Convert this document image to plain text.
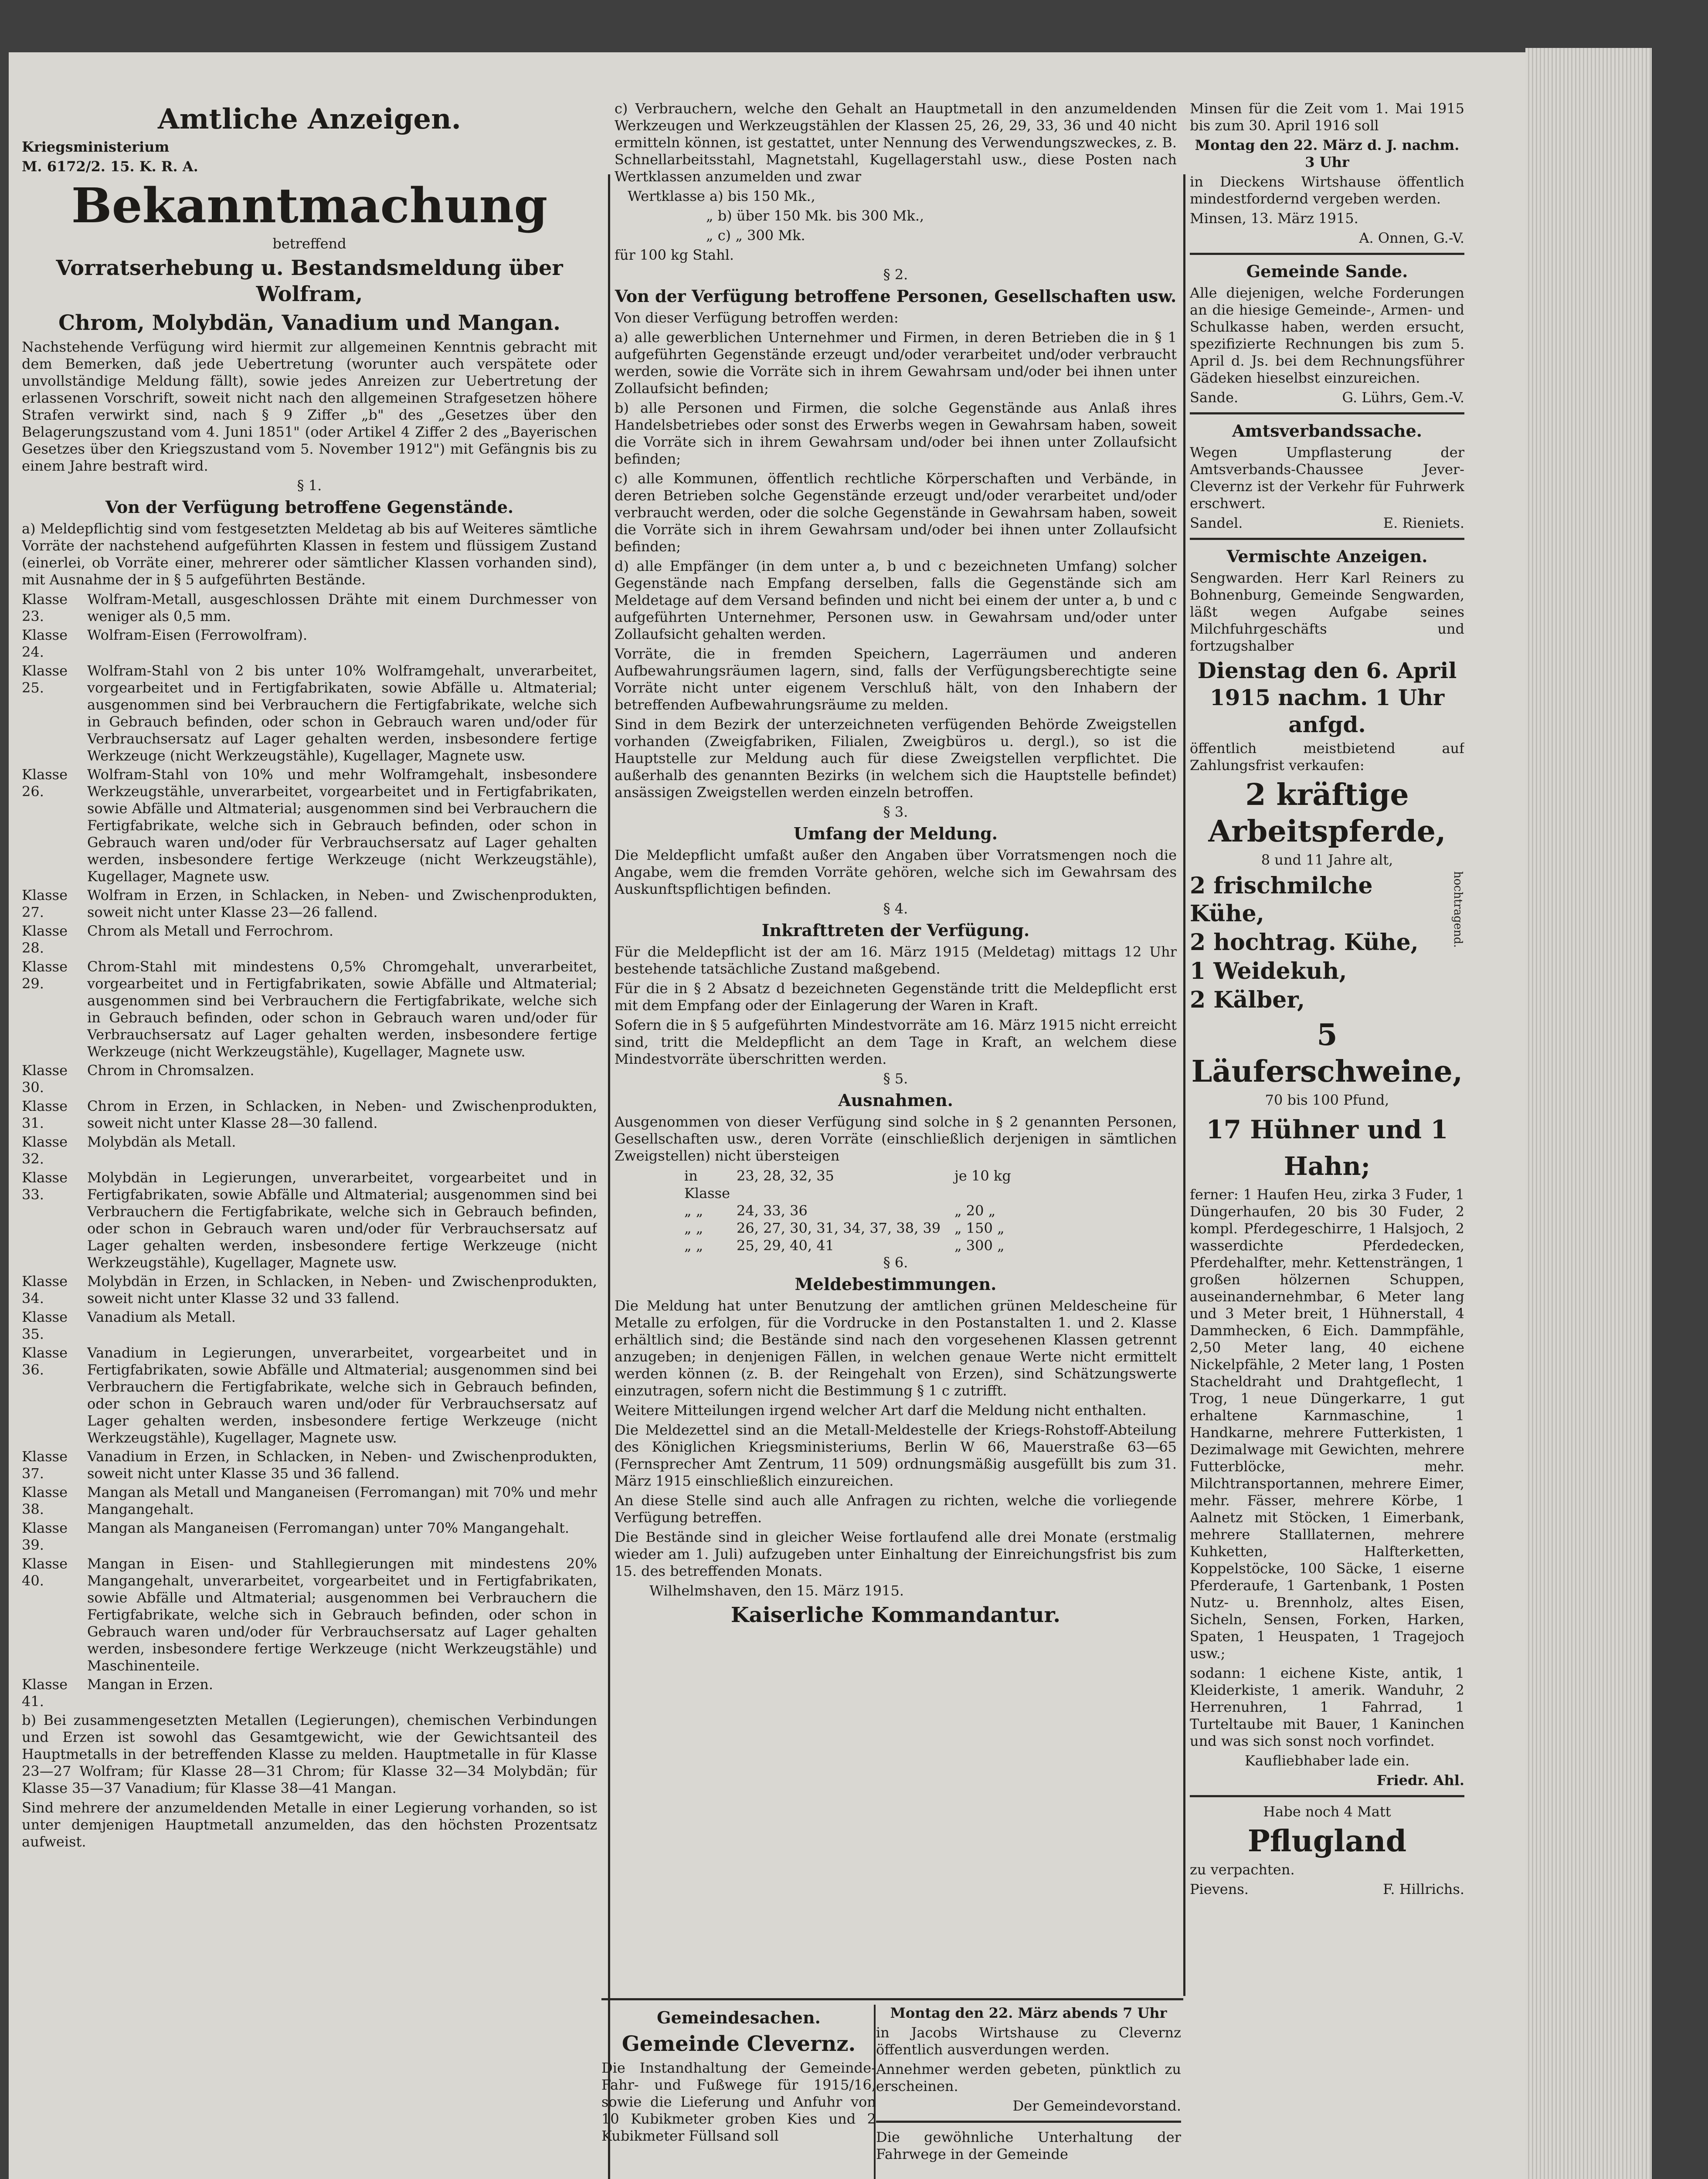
Amtliche Anzeigen.

Kriegsministerium

M. 6172/2. 15. K. R. A.

Bekanntmachung

betreffend

Vorratserhebung u. Bestandsmeldung über Wolfram,
Chrom, Molybdän, Vanadium und Mangan.

Nachstehende Verfügung wird hiermit zur allgemeinen Kenntnis gebracht mit dem Bemerken, daß jede Uebertretung (worunter auch verspätete oder unvollständige Meldung fällt), sowie jedes Anreizen zur Uebertretung der erlassenen Vorschrift, soweit nicht nach den allgemeinen Strafgesetzen höhere Strafen verwirkt sind, nach § 9 Ziffer „b" des „Gesetzes über den Belagerungszustand vom 4. Juni 1851" (oder Artikel 4 Ziffer 2 des „Bayerischen Gesetzes über den Kriegszustand vom 5. November 1912") mit Gefängnis bis zu einem Jahre bestraft wird.

§ 1.

Von der Verfügung betroffene Gegenstände.

a) Meldepflichtig sind vom festgesetzten Meldetag ab bis auf Weiteres sämtliche Vorräte der nachstehend aufgeführten Klassen in festem und flüssigem Zustand (einerlei, ob Vorräte einer, mehrerer oder sämtlicher Klassen vorhanden sind), mit Ausnahme der in § 5 aufgeführten Bestände.

Klasse 23.
Wolfram-Metall, ausgeschlossen Drähte mit einem Durchmesser von weniger als 0,5 mm.
Klasse 24.
Wolfram-Eisen (Ferrowolfram).
Klasse 25.
Wolfram-Stahl von 2 bis unter 10% Wolframgehalt, unverarbeitet, vorgearbeitet und in Fertigfabrikaten, sowie Abfälle u. Altmaterial; ausgenommen sind bei Verbrauchern die Fertigfabrikate, welche sich in Gebrauch befinden, oder schon in Gebrauch waren und/oder für Verbrauchsersatz auf Lager gehalten werden, insbesondere fertige Werkzeuge (nicht Werkzeugstähle), Kugellager, Magnete usw.
Klasse 26.
Wolfram-Stahl von 10% und mehr Wolframgehalt, insbesondere Werkzeugstähle, unverarbeitet, vorgearbeitet und in Fertigfabrikaten, sowie Abfälle und Altmaterial; ausgenommen sind bei Verbrauchern die Fertigfabrikate, welche sich in Gebrauch befinden, oder schon in Gebrauch waren und/oder für Verbrauchsersatz auf Lager gehalten werden, insbesondere fertige Werkzeuge (nicht Werkzeugstähle), Kugellager, Magnete usw.
Klasse 27.
Wolfram in Erzen, in Schlacken, in Neben- und Zwischenprodukten, soweit nicht unter Klasse 23—26 fallend.
Klasse 28.
Chrom als Metall und Ferrochrom.
Klasse 29.
Chrom-Stahl mit mindestens 0,5% Chromgehalt, unverarbeitet, vorgearbeitet und in Fertigfabrikaten, sowie Abfälle und Altmaterial; ausgenommen sind bei Verbrauchern die Fertigfabrikate, welche sich in Gebrauch befinden, oder schon in Gebrauch waren und/oder für Verbrauchsersatz auf Lager gehalten werden, insbesondere fertige Werkzeuge (nicht Werkzeugstähle), Kugellager, Magnete usw.
Klasse 30.
Chrom in Chromsalzen.
Klasse 31.
Chrom in Erzen, in Schlacken, in Neben- und Zwischenprodukten, soweit nicht unter Klasse 28—30 fallend.
Klasse 32.
Molybdän als Metall.
Klasse 33.
Molybdän in Legierungen, unverarbeitet, vorgearbeitet und in Fertigfabrikaten, sowie Abfälle und Altmaterial; ausgenommen sind bei Verbrauchern die Fertigfabrikate, welche sich in Gebrauch befinden, oder schon in Gebrauch waren und/oder für Verbrauchsersatz auf Lager gehalten werden, insbesondere fertige Werkzeuge (nicht Werkzeugstähle), Kugellager, Magnete usw.
Klasse 34.
Molybdän in Erzen, in Schlacken, in Neben- und Zwischenprodukten, soweit nicht unter Klasse 32 und 33 fallend.
Klasse 35.
Vanadium als Metall.
Klasse 36.
Vanadium in Legierungen, unverarbeitet, vorgearbeitet und in Fertigfabrikaten, sowie Abfälle und Altmaterial; ausgenommen sind bei Verbrauchern die Fertigfabrikate, welche sich in Gebrauch befinden, oder schon in Gebrauch waren und/oder für Verbrauchsersatz auf Lager gehalten werden, insbesondere fertige Werkzeuge (nicht Werkzeugstähle), Kugellager, Magnete usw.
Klasse 37.
Vanadium in Erzen, in Schlacken, in Neben- und Zwischenprodukten, soweit nicht unter Klasse 35 und 36 fallend.
Klasse 38.
Mangan als Metall und Manganeisen (Ferromangan) mit 70% und mehr Mangangehalt.
Klasse 39.
Mangan als Manganeisen (Ferromangan) unter 70% Mangangehalt.
Klasse 40.
Mangan in Eisen- und Stahllegierungen mit mindestens 20% Mangangehalt, unverarbeitet, vorgearbeitet und in Fertigfabrikaten, sowie Abfälle und Altmaterial; ausgenommen bei Verbrauchern die Fertigfabrikate, welche sich in Gebrauch befinden, oder schon in Gebrauch waren und/oder für Verbrauchsersatz auf Lager gehalten werden, insbesondere fertige Werkzeuge (nicht Werkzeugstähle) und Maschinenteile.
Klasse 41.
Mangan in Erzen.

b) Bei zusammengesetzten Metallen (Legierungen), chemischen Verbindungen und Erzen ist sowohl das Gesamtgewicht, wie der Gewichtsanteil des Hauptmetalls in der betreffenden Klasse zu melden. Hauptmetalle in für Klasse 23—27 Wolfram; für Klasse 28—31 Chrom; für Klasse 32—34 Molybdän; für Klasse 35—37 Vanadium; für Klasse 38—41 Mangan.

Sind mehrere der anzumeldenden Metalle in einer Legierung vorhanden, so ist unter demjenigen Hauptmetall anzumelden, das den höchsten Prozentsatz aufweist.

c) Verbrauchern, welche den Gehalt an Hauptmetall in den anzumeldenden Werkzeugen und Werkzeugstählen der Klassen 25, 26, 29, 33, 36 und 40 nicht ermitteln können, ist gestattet, unter Nennung des Verwendungszweckes, z. B. Schnellarbeitsstahl, Magnetstahl, Kugellagerstahl usw., diese Posten nach Wertklassen anzumelden und zwar

Wertklasse a) bis 150 Mk.,

„ b) über 150 Mk. bis 300 Mk.,

„ c) „ 300 Mk.

für 100 kg Stahl.

§ 2.

Von der Verfügung betroffene Personen, Gesellschaften usw.

Von dieser Verfügung betroffen werden:

a) alle gewerblichen Unternehmer und Firmen, in deren Betrieben die in § 1 aufgeführten Gegenstände erzeugt und/oder verarbeitet und/oder verbraucht werden, sowie die Vorräte sich in ihrem Gewahrsam und/oder bei ihnen unter Zollaufsicht befinden;

b) alle Personen und Firmen, die solche Gegenstände aus Anlaß ihres Handelsbetriebes oder sonst des Erwerbs wegen in Gewahrsam haben, soweit die Vorräte sich in ihrem Gewahrsam und/oder bei ihnen unter Zollaufsicht befinden;

c) alle Kommunen, öffentlich rechtliche Körperschaften und Verbände, in deren Betrieben solche Gegenstände erzeugt und/oder verarbeitet und/oder verbraucht werden, oder die solche Gegenstände in Gewahrsam haben, soweit die Vorräte sich in ihrem Gewahrsam und/oder bei ihnen unter Zollaufsicht befinden;

d) alle Empfänger (in dem unter a, b und c bezeichneten Umfang) solcher Gegenstände nach Empfang derselben, falls die Gegenstände sich am Meldetage auf dem Versand befinden und nicht bei einem der unter a, b und c aufgeführten Unternehmer, Personen usw. in Gewahrsam und/oder unter Zollaufsicht gehalten werden.

Vorräte, die in fremden Speichern, Lagerräumen und anderen Aufbewahrungsräumen lagern, sind, falls der Verfügungsberechtigte seine Vorräte nicht unter eigenem Verschluß hält, von den Inhabern der betreffenden Aufbewahrungsräume zu melden.

Sind in dem Bezirk der unterzeichneten verfügenden Behörde Zweigstellen vorhanden (Zweigfabriken, Filialen, Zweigbüros u. dergl.), so ist die Hauptstelle zur Meldung auch für diese Zweigstellen verpflichtet. Die außerhalb des genannten Bezirks (in welchem sich die Hauptstelle befindet) ansässigen Zweigstellen werden einzeln betroffen.

§ 3.

Umfang der Meldung.

Die Meldepflicht umfaßt außer den Angaben über Vorratsmengen noch die Angabe, wem die fremden Vorräte gehören, welche sich im Gewahrsam des Auskunftspflichtigen befinden.

§ 4.

Inkrafttreten der Verfügung.

Für die Meldepflicht ist der am 16. März 1915 (Meldetag) mittags 12 Uhr bestehende tatsächliche Zustand maßgebend.

Für die in § 2 Absatz d bezeichneten Gegenstände tritt die Meldepflicht erst mit dem Empfang oder der Einlagerung der Waren in Kraft.

Sofern die in § 5 aufgeführten Mindestvorräte am 16. März 1915 nicht erreicht sind, tritt die Meldepflicht an dem Tage in Kraft, an welchem diese Mindestvorräte überschritten werden.

§ 5.

Ausnahmen.

Ausgenommen von dieser Verfügung sind solche in § 2 genannten Personen, Gesellschaften usw., deren Vorräte (einschließlich derjenigen in sämtlichen Zweigstellen) nicht übersteigen

in Klasse
23, 28, 32, 35	je 10 kg
„ „	24, 33, 36	„ 20 „
„ „	26, 27, 30, 31, 34, 37, 38, 39 „ 150 „
„ „	25, 29, 40, 41	„ 300 „

§ 6.

Meldebestimmungen.

Die Meldung hat unter Benutzung der amtlichen grünen Meldescheine für Metalle zu erfolgen, für die Vordrucke in den Postanstalten 1. und 2. Klasse erhältlich sind; die Bestände sind nach den vorgesehenen Klassen getrennt anzugeben; in denjenigen Fällen, in welchen genaue Werte nicht ermittelt werden können (z. B. der Reingehalt von Erzen), sind Schätzungswerte einzutragen, sofern nicht die Bestimmung § 1 c zutrifft.

Weitere Mitteilungen irgend welcher Art darf die Meldung nicht enthalten.

Die Meldezettel sind an die Metall-Meldestelle der Kriegs-Rohstoff-Abteilung des Königlichen Kriegsministeriums, Berlin W 66, Mauerstraße 63—65 (Fernsprecher Amt Zentrum, 11 509) ordnungsmäßig ausgefüllt bis zum 31. März 1915 einschließlich einzureichen.

An diese Stelle sind auch alle Anfragen zu richten, welche die vorliegende Verfügung betreffen.

Die Bestände sind in gleicher Weise fortlaufend alle drei Monate (erstmalig wieder am 1. Juli) aufzugeben unter Einhaltung der Einreichungsfrist bis zum 15. des betreffenden Monats.

Wilhelmshaven, den 15. März 1915.

Kaiserliche Kommandantur.
Gemeindesachen.
Gemeinde Clevernz.

Die Instandhaltung der Gemeinde-Fahr- und Fußwege für 1915/16, sowie die Lieferung und Anfuhr von 10 Kubikmeter groben Kies und 2 Kubikmeter Füllsand soll

Montag den 22. März abends 7 Uhr

in Jacobs Wirtshause zu Clevernz öffentlich ausverdungen werden.

Annehmer werden gebeten, pünktlich zu erscheinen.

Der Gemeindevorstand.

Die gewöhnliche Unterhaltung der Fahrwege in der Gemeinde

Minsen für die Zeit vom 1. Mai 1915 bis zum 30. April 1916 soll

Montag den 22. März d. J. nachm. 3 Uhr

in Dieckens Wirtshause öffentlich mindestfordernd vergeben werden.

Minsen, 13. März 1915.

A. Onnen, G.-V.

Gemeinde Sande.

Alle diejenigen, welche Forderungen an die hiesige Gemeinde-, Armen- und Schulkasse haben, werden ersucht, spezifizierte Rechnungen bis zum 5. April d. Js. bei dem Rechnungsführer Gädeken hieselbst einzureichen.

Sande.	G. Lührs, Gem.-V.
Amtsverbandssache.

Wegen Umpflasterung der Amtsverbands-Chaussee Jever-Clevernz ist der Verkehr für Fuhrwerk erschwert.

Sandel.	E. Rieniets.
Vermischte Anzeigen.

Sengwarden. Herr Karl Reiners zu Bohnenburg, Gemeinde Sengwarden, läßt wegen Aufgabe seines Milchfuhrgeschäfts und fortzugshalber

Dienstag den 6. April 1915 nachm. 1 Uhr anfgd.

öffentlich meistbietend auf Zahlungsfrist verkaufen:

2 kräftige Arbeitspferde,

8 und 11 Jahre alt,

2 frischmilche Kühe,
2 hochtrag. Kühe,
1 Weidekuh,
2 Kälber,
hochtragend.
5 Läuferschweine,

70 bis 100 Pfund,

17 Hühner und 1 Hahn;

ferner: 1 Haufen Heu, zirka 3 Fuder, 1 Düngerhaufen, 20 bis 30 Fuder, 2 kompl. Pferdegeschirre, 1 Halsjoch, 2 wasserdichte Pferdedecken, Pferdehalfter, mehr. Kettensträngen, 1 großen hölzernen Schuppen, auseinandernehmbar, 6 Meter lang und 3 Meter breit, 1 Hühnerstall, 4 Dammhecken, 6 Eich. Dammpfähle, 2,50 Meter lang, 40 eichene Nickelpfähle, 2 Meter lang, 1 Posten Stacheldraht und Drahtgeflecht, 1 Trog, 1 neue Düngerkarre, 1 gut erhaltene Karnmaschine, 1 Handkarne, mehrere Futterkisten, 1 Dezimalwage mit Gewichten, mehrere Futterblöcke, mehr. Milchtransportannen, mehrere Eimer, mehr. Fässer, mehrere Körbe, 1 Aalnetz mit Stöcken, 1 Eimerbank, mehrere Stalllaternen, mehrere Kuhketten, Halfterketten, Koppelstöcke, 100 Säcke, 1 eiserne Pferderaufe, 1 Gartenbank, 1 Posten Nutz- u. Brennholz, altes Eisen, Sicheln, Sensen, Forken, Harken, Spaten, 1 Heuspaten, 1 Tragejoch usw.;

sodann: 1 eichene Kiste, antik, 1 Kleiderkiste, 1 amerik. Wanduhr, 2 Herrenuhren, 1 Fahrrad, 1 Turteltaube mit Bauer, 1 Kaninchen und was sich sonst noch vorfindet.

Kaufliebhaber lade ein.

Friedr. Ahl.

Habe noch 4 Matt

Pflugland

zu verpachten.

Pievens.	F. Hillrichs.
